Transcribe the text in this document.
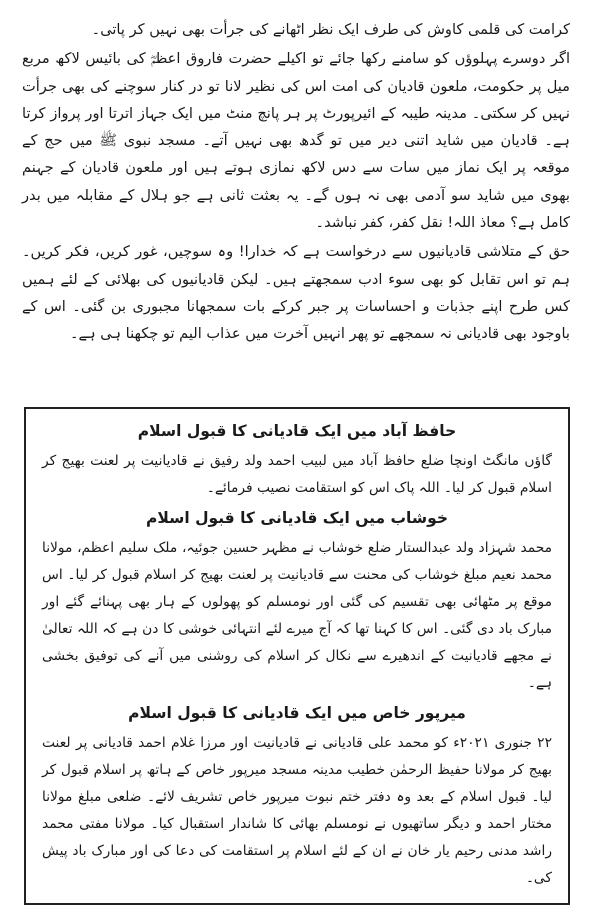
کرامت کی قلمی کاوش کی طرف ایک نظر اٹھانے کی جرأت بھی نہیں کر پاتی۔

اگر دوسرے پہلوؤں کو سامنے رکھا جائے تو اکیلے حضرت فاروق اعظمؓ کی بائیس لاکھ مربع میل پر حکومت، ملعون قادیان کی امت اس کی نظیر لانا تو در کنار سوچنے کی بھی جرأت نہیں کر سکتی۔ مدینہ طیبہ کے ائیرپورٹ پر ہر پانچ منٹ میں ایک جہاز اترتا اور پرواز کرتا ہے۔ قادیان میں شاید اتنی دیر میں تو گدھ بھی نہیں آتے۔ مسجد نبوی ﷺ میں حج کے موقعہ پر ایک نماز میں سات سے دس لاکھ نمازی ہوتے ہیں اور ملعون قادیان کے جہنم بھوی میں شاید سو آدمی بھی نہ ہوں گے۔ یہ بعثت ثانی ہے جو ہلال کے مقابلہ میں بدر کامل ہے؟ معاذ اللہ! نقل کفر، کفر نباشد۔

حق کے متلاشی قادیانیوں سے درخواست ہے کہ خدارا! وہ سوچیں، غور کریں، فکر کریں۔ ہم تو اس تقابل کو بھی سوء ادب سمجھتے ہیں۔ لیکن قادیانیوں کی بھلائی کے لئے ہمیں کس طرح اپنے جذبات و احساسات پر جبر کرکے بات سمجھانا مجبوری بن گئی۔ اس کے باوجود بھی قادیانی نہ سمجھے تو پھر انہیں آخرت میں عذاب الیم تو چکھنا ہی ہے۔

حافظ آباد میں ایک قادیانی کا قبول اسلام

گاؤں مانگٹ اونچا ضلع حافظ آباد میں لبیب احمد ولد رفیق نے قادیانیت پر لعنت بھیج کر اسلام قبول کر لیا۔ اللہ پاک اس کو استقامت نصیب فرمائے۔

خوشاب میں ایک قادیانی کا قبول اسلام

محمد شہزاد ولد عبدالستار ضلع خوشاب نے مظہر حسین جوئیہ، ملک سلیم اعظم، مولانا محمد نعیم مبلغ خوشاب کی محنت سے قادیانیت پر لعنت بھیج کر اسلام قبول کر لیا۔ اس موقع پر مٹھائی بھی تقسیم کی گئی اور نومسلم کو پھولوں کے ہار بھی پہنائے گئے اور مبارک باد دی گئی۔ اس کا کہنا تھا کہ آج میرے لئے انتہائی خوشی کا دن ہے کہ اللہ تعالیٰ نے مجھے قادیانیت کے اندھیرے سے نکال کر اسلام کی روشنی میں آنے کی توفیق بخشی ہے۔

میرپور خاص میں ایک قادیانی کا قبول اسلام

۲۲ جنوری ۲۰۲۱ء کو محمد علی قادیانی نے قادیانیت اور مرزا غلام احمد قادیانی پر لعنت بھیج کر مولانا حفیظ الرحمٰن خطیب مدینہ مسجد میرپور خاص کے ہاتھ پر اسلام قبول کر لیا۔ قبول اسلام کے بعد وہ دفتر ختم نبوت میرپور خاص تشریف لائے۔ ضلعی مبلغ مولانا مختار احمد و دیگر ساتھیوں نے نومسلم بھائی کا شاندار استقبال کیا۔ مولانا مفتی محمد راشد مدنی رحیم یار خان نے ان کے لئے اسلام پر استقامت کی دعا کی اور مبارک باد پیش کی۔
